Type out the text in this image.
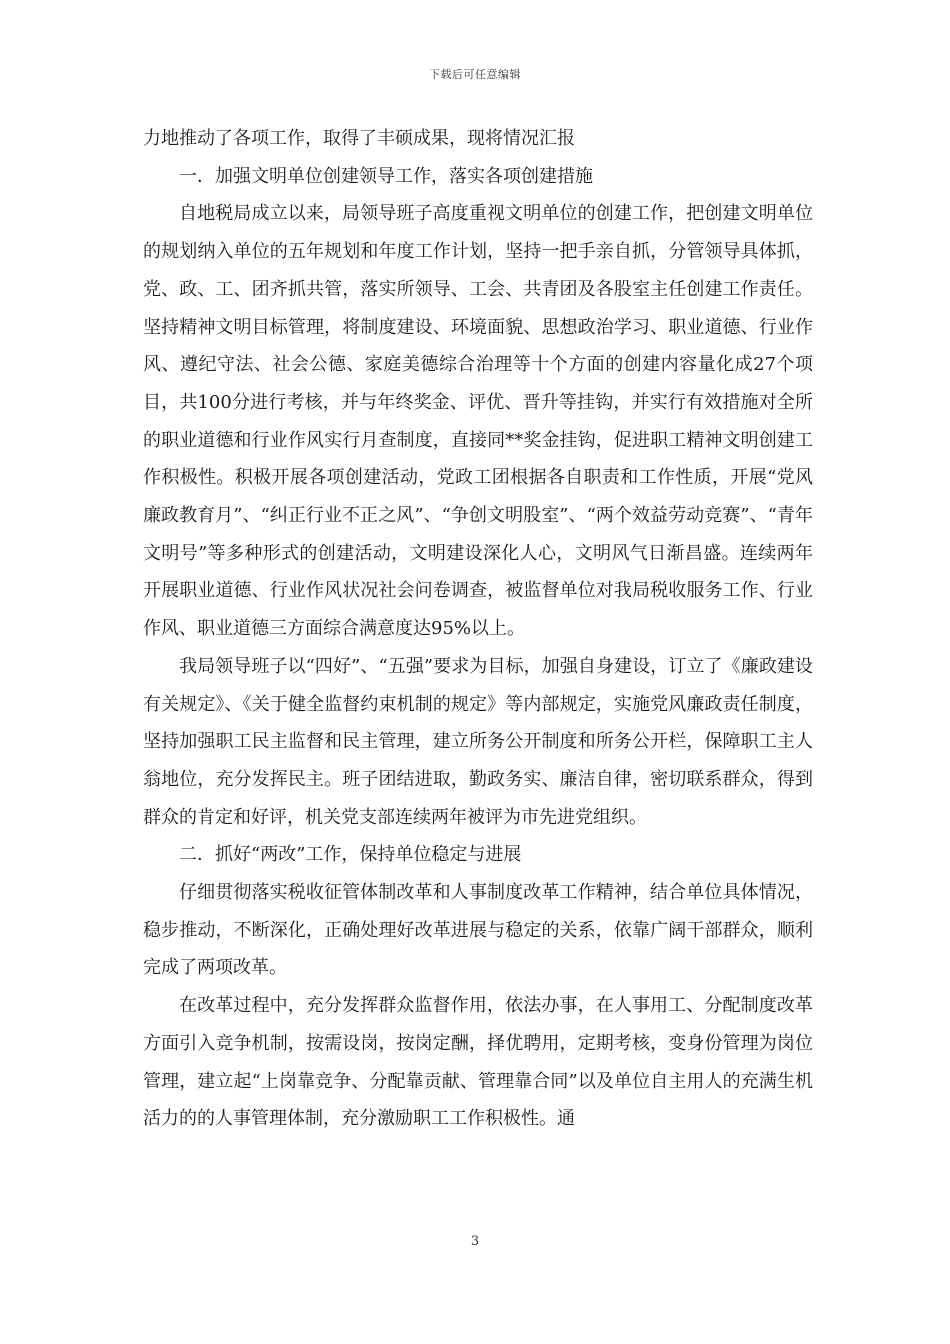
下载后可任意编辑

力地推动了各项工作，取得了丰硕成果，现将情况汇报

一．加强文明单位创建领导工作，落实各项创建措施

自地税局成立以来，局领导班子高度重视文明单位的创建工作，把创建文明单位的规划纳入单位的五年规划和年度工作计划，坚持一把手亲自抓，分管领导具体抓，党、政、工、团齐抓共管，落实所领导、工会、共青团及各股室主任创建工作责任。坚持精神文明目标管理，将制度建设、环境面貌、思想政治学习、职业道德、行业作风、遵纪守法、社会公德、家庭美德综合治理等十个方面的创建内容量化成27个项目，共100分进行考核，并与年终奖金、评优、晋升等挂钩，并实行有效措施对全所的职业道德和行业作风实行月查制度，直接同**奖金挂钩，促进职工精神文明创建工作积极性。积极开展各项创建活动，党政工团根据各自职责和工作性质，开展“党风廉政教育月”、“纠正行业不正之风”、“争创文明股室”、“两个效益劳动竞赛”、“青年文明号”等多种形式的创建活动，文明建设深化人心，文明风气日渐昌盛。连续两年开展职业道德、行业作风状况社会问卷调查，被监督单位对我局税收服务工作、行业作风、职业道德三方面综合满意度达95%以上。

我局领导班子以“四好”、“五强”要求为目标，加强自身建设，订立了《廉政建设有关规定》、《关于健全监督约束机制的规定》等内部规定，实施党风廉政责任制度，坚持加强职工民主监督和民主管理，建立所务公开制度和所务公开栏，保障职工主人翁地位，充分发挥民主。班子团结进取，勤政务实、廉洁自律，密切联系群众，得到群众的肯定和好评，机关党支部连续两年被评为市先进党组织。

二．抓好“两改”工作，保持单位稳定与进展

仔细贯彻落实税收征管体制改革和人事制度改革工作精神，结合单位具体情况，稳步推动，不断深化，正确处理好改革进展与稳定的关系，依靠广阔干部群众，顺利完成了两项改革。

在改革过程中，充分发挥群众监督作用，依法办事，在人事用工、分配制度改革方面引入竞争机制，按需设岗，按岗定酬，择优聘用，定期考核，变身份管理为岗位管理，建立起“上岗靠竞争、分配靠贡献、管理靠合同”以及单位自主用人的充满生机活力的的人事管理体制，充分激励职工工作积极性。通

3
